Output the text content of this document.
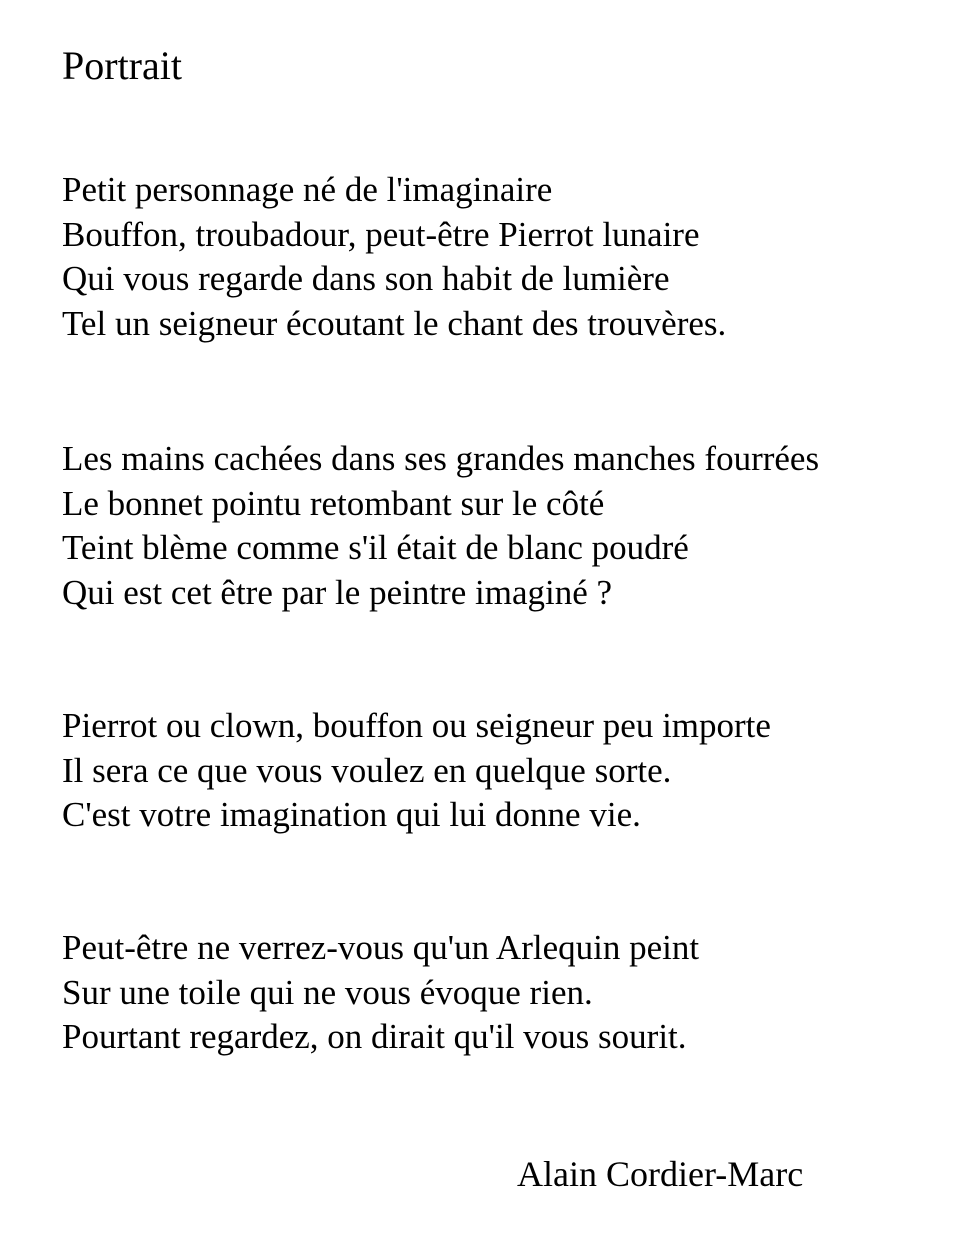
Portrait
Petit personnage né de l'imaginaire
Bouffon, troubadour, peut-être Pierrot lunaire
Qui vous regarde dans son habit de lumière
Tel un seigneur écoutant le chant des trouvères.
Les mains cachées dans ses grandes manches fourrées
Le bonnet pointu retombant sur le côté
Teint blème comme s'il était de blanc poudré
Qui est cet être par le peintre imaginé ?
Pierrot ou clown, bouffon ou seigneur peu importe
Il sera ce que vous voulez en quelque sorte.
C'est votre imagination qui lui donne vie.
Peut-être ne verrez-vous qu'un Arlequin peint
Sur une toile qui ne vous évoque rien.
Pourtant regardez, on dirait qu'il vous sourit.

Alain Cordier-Marc
